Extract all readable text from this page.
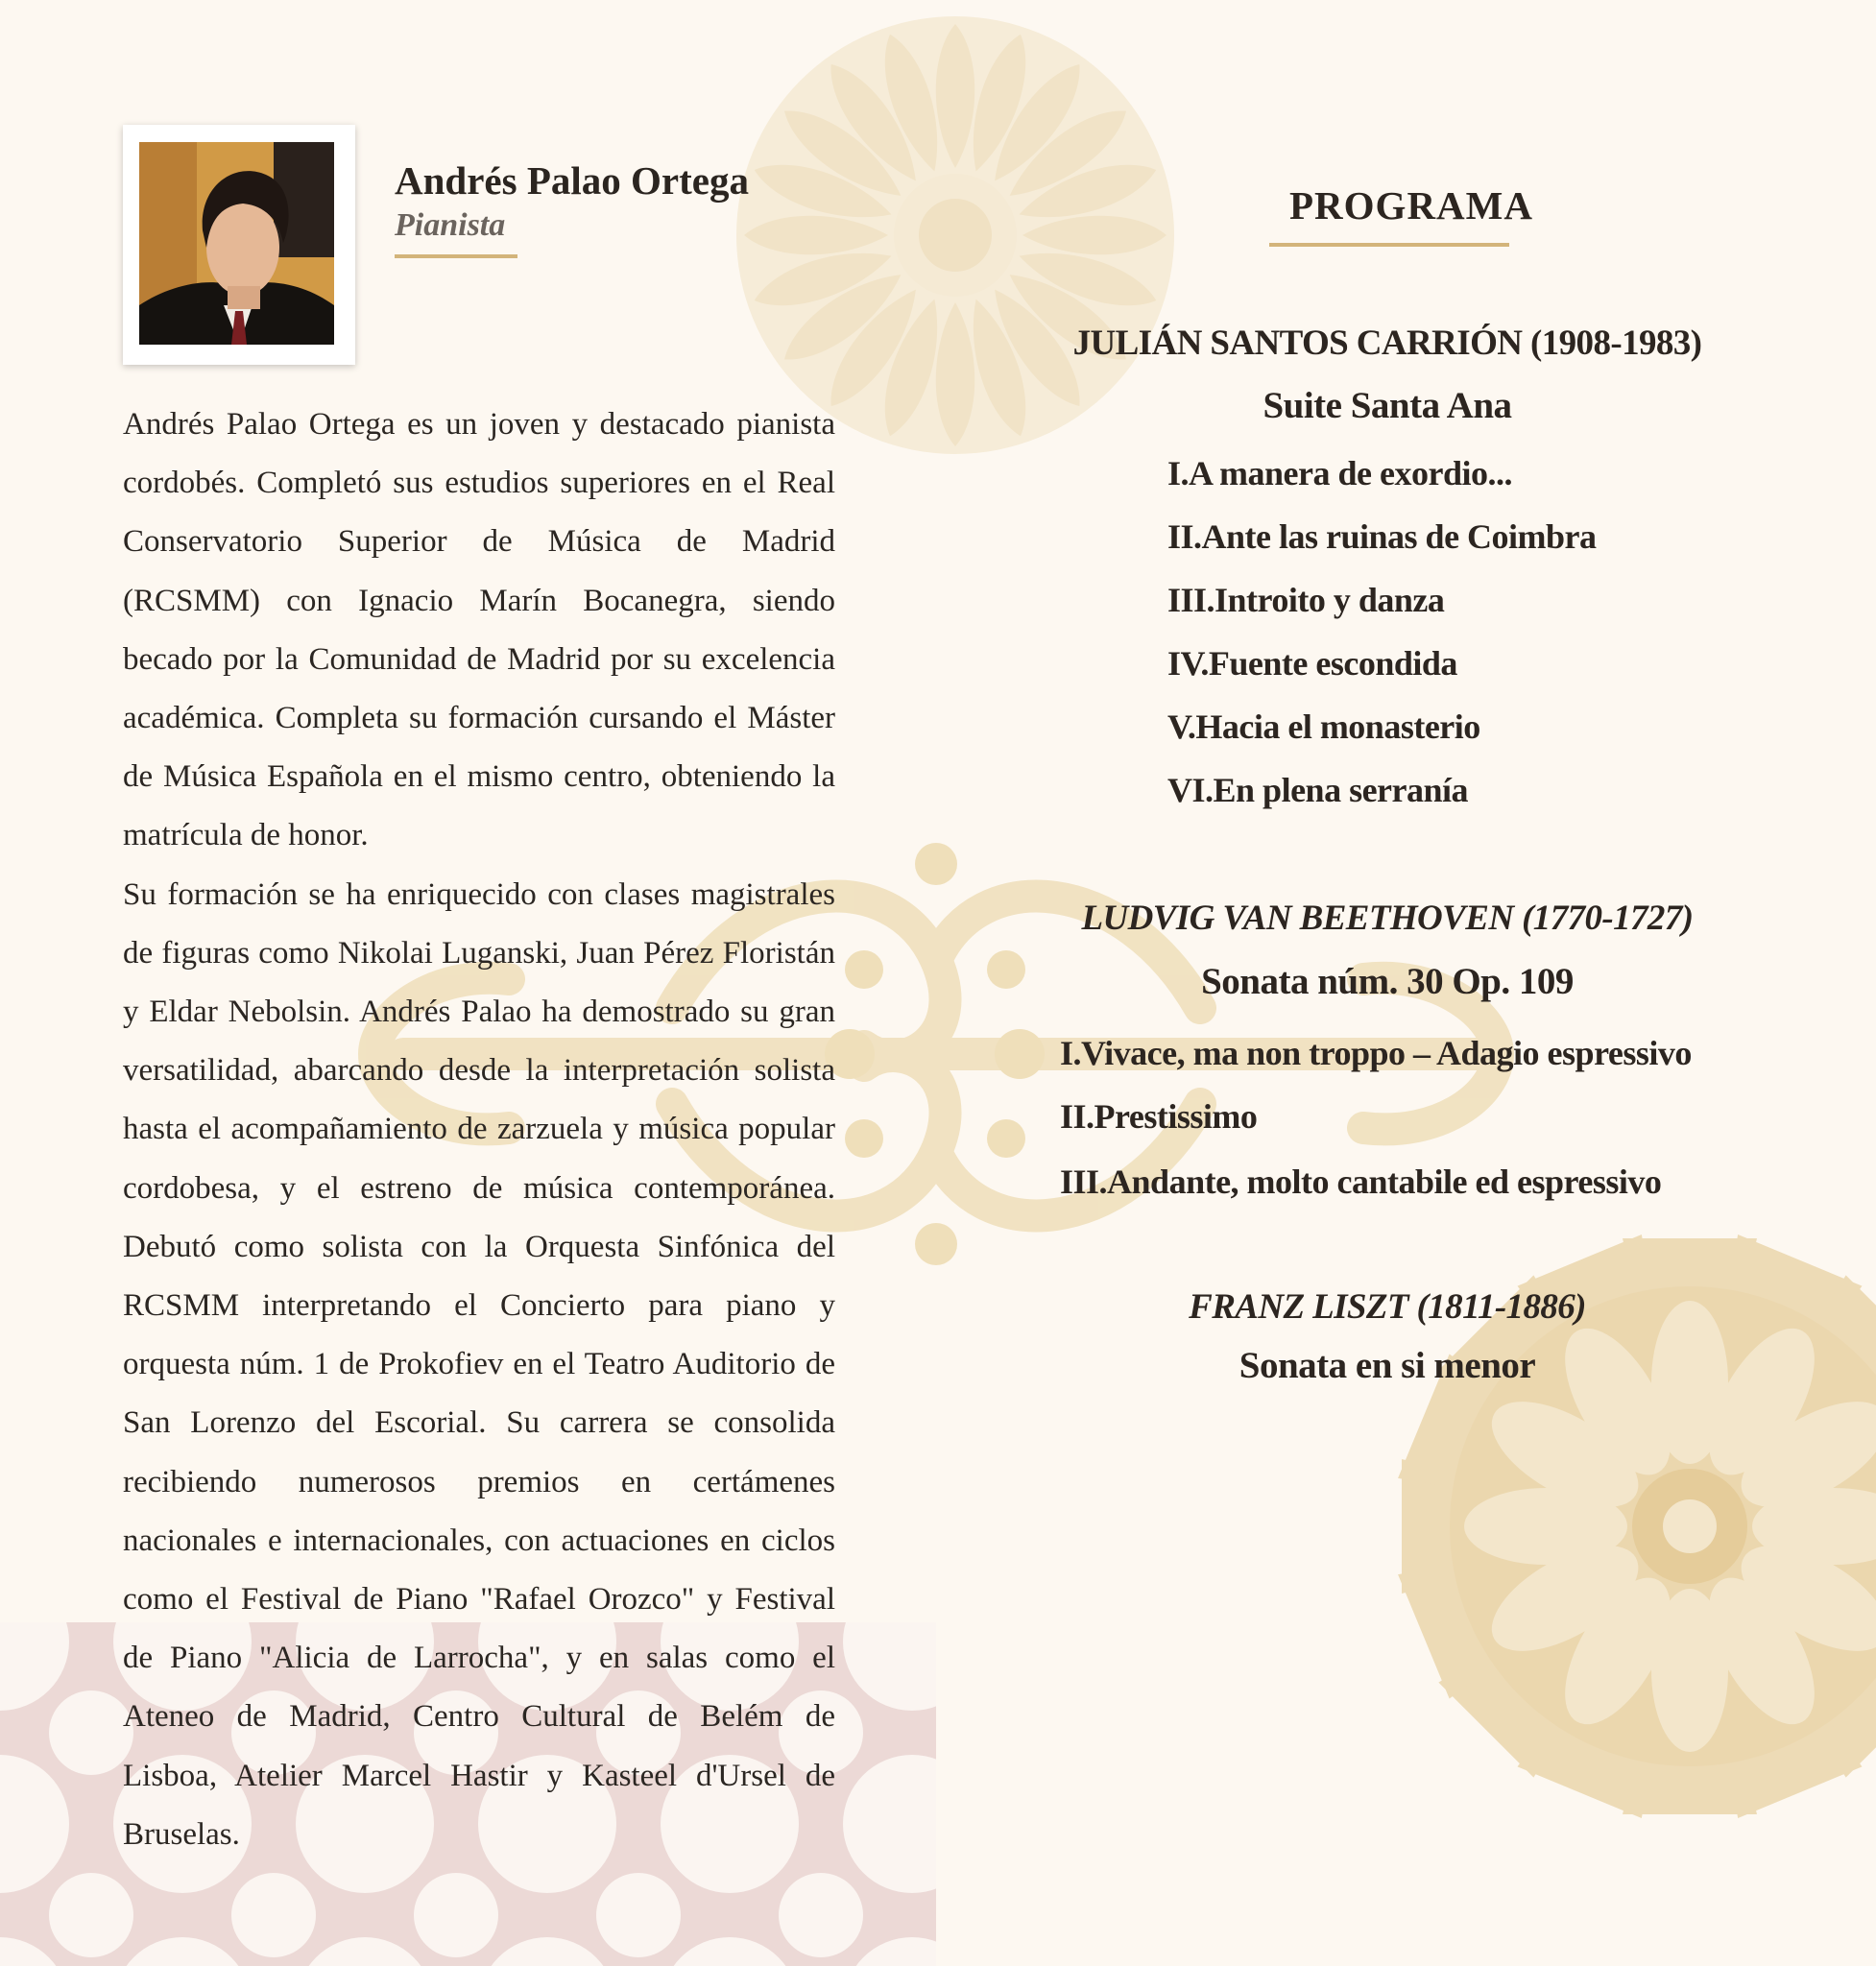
Andrés Palao Ortega
Pianista

Andrés Palao Ortega es un joven y destacado pianista cordobés. Completó sus estudios superiores en el Real Conservatorio Superior de Música de Madrid (RCSMM) con Ignacio Marín Bocanegra, siendo becado por la Comunidad de Madrid por su excelencia académica. Completa su formación cursando el Máster de Música Española en el mismo centro, obteniendo la matrícula de honor.

Su formación se ha enriquecido con clases magistrales de figuras como Nikolai Luganski, Juan Pérez Floristán y Eldar Nebolsin. Andrés Palao ha demostrado su gran versatilidad, abarcando desde la interpretación solista hasta el acompañamiento de zarzuela y música popular cordobesa, y el estreno de música contemporánea. Debutó como solista con la Orquesta Sinfónica del RCSMM interpretando el Concierto para piano y orquesta núm. 1 de Prokofiev en el Teatro Auditorio de San Lorenzo del Escorial. Su carrera se consolida recibiendo numerosos premios en certámenes nacionales e internacionales, con actuaciones en ciclos como el Festival de Piano "Rafael Orozco" y Festival de Piano "Alicia de Larrocha", y en salas como el Ateneo de Madrid, Centro Cultural de Belém de Lisboa, Atelier Marcel Hastir y Kasteel d'Ursel de Bruselas.

PROGRAMA
JULIÁN SANTOS CARRIÓN (1908-1983)
Suite Santa Ana
I.A manera de exordio...
II.Ante las ruinas de Coimbra
III.Introito y danza
IV.Fuente escondida
V.Hacia el monasterio
VI.En plena serranía
LUDVIG VAN BEETHOVEN (1770-1727)
Sonata núm. 30 Op. 109
I.Vivace, ma non troppo – Adagio espressivo
II.Prestissimo
III.Andante, molto cantabile ed espressivo
FRANZ LISZT (1811-1886)
Sonata en si menor
